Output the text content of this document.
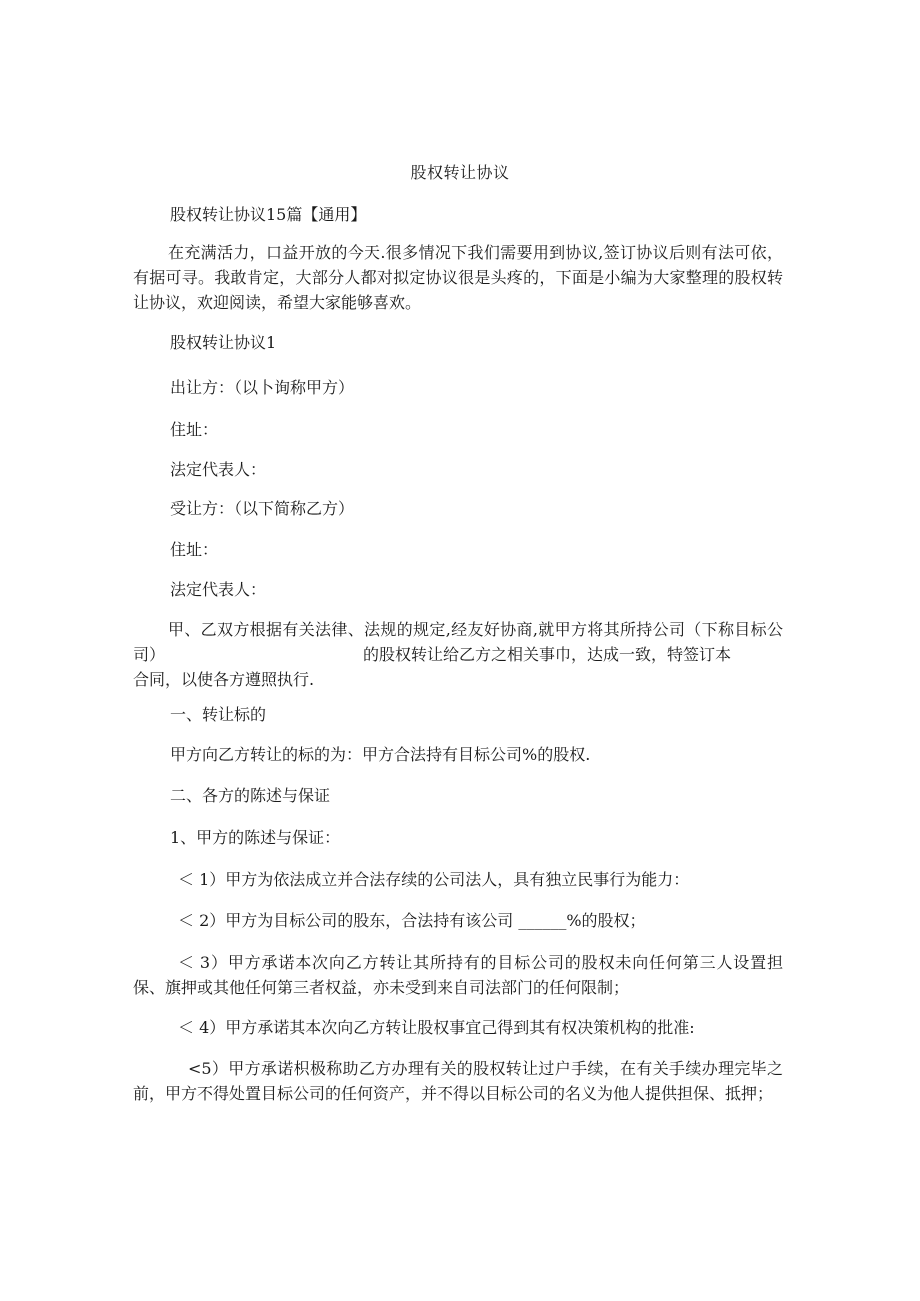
股权转让协议
股权转让协议15篇【通用】
在充满活力，口益开放的今天.很多情况下我们需要用到协议,签订协议后则有法可依，有据可寻。我敢肯定，大部分人都对拟定协议很是头疼的，下面是小编为大家整理的股权转让协议，欢迎阅读，希望大家能够喜欢。
股权转让协议1
出让方：（以卜询称甲方）
住址：
法定代表人：
受让方：（以下简称乙方）
住址：
法定代表人：
甲、乙双方根据有关法律、法规的规定,经友好协商,就甲方将其所持公司（下称目标公司）	的股权转让给乙方之相关事巾，达成一致，特签订本
合同，以使各方遵照执行.
一、转让标的
甲方向乙方转让的标的为：甲方合法持有目标公司%的股权.
二、各方的陈述与保证
1、甲方的陈述与保证：
＜ 1）甲方为依法成立并合法存续的公司法人，具有独立民事行为能力：
＜ 2）甲方为目标公司的股东，合法持有该公司 ______%的股权；
＜ 3）甲方承诺本次向乙方转让其所持有的目标公司的股权未向任何第三人设置担保、旗押或其他任何第三者权益，亦未受到来自司法部门的任何限制；
＜ 4）甲方承诺其本次向乙方转让股权事宜己得到其有权决策机构的批准:
<5）甲方承诺枳极称助乙方办理有关的股权转让过户手续，在有关手续办理完毕之前，甲方不得处置目标公司的任何资产，并不得以目标公司的名义为他人提供担保、抵押；
